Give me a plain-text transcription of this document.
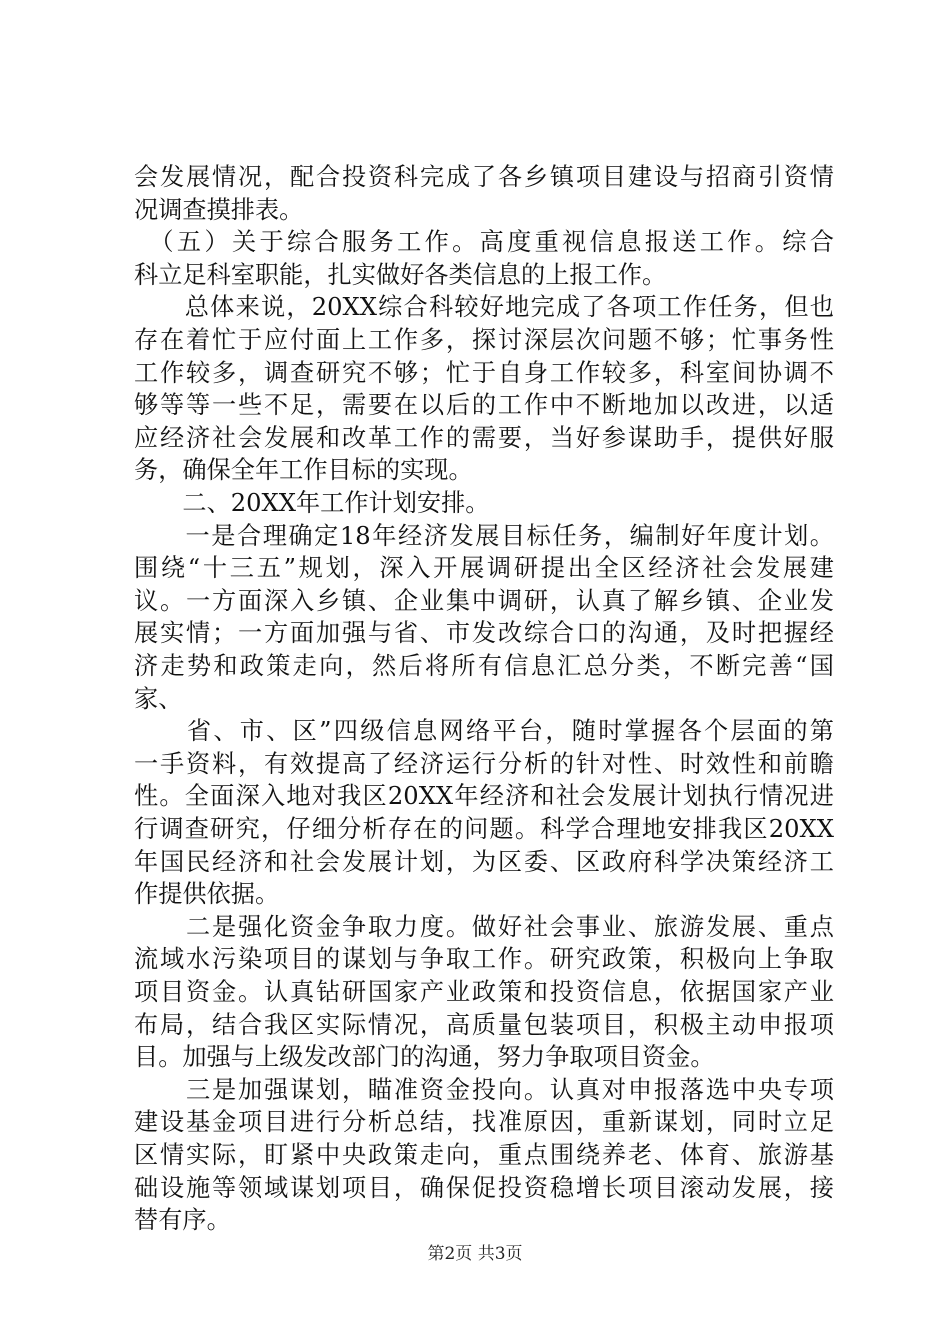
会发展情况，配合投资科完成了各乡镇项目建设与招商引资情
况调查摸排表。
　（五）关于综合服务工作。高度重视信息报送工作。综合
科立足科室职能，扎实做好各类信息的上报工作。
　　总体来说，20XX综合科较好地完成了各项工作任务，但也
存在着忙于应付面上工作多，探讨深层次问题不够；忙事务性
工作较多，调查研究不够；忙于自身工作较多，科室间协调不
够等等一些不足，需要在以后的工作中不断地加以改进，以适
应经济社会发展和改革工作的需要，当好参谋助手，提供好服
务，确保全年工作目标的实现。
　　二、20XX年工作计划安排。
　　一是合理确定18年经济发展目标任务，编制好年度计划。
围绕“十三五”规划，深入开展调研提出全区经济社会发展建
议。一方面深入乡镇、企业集中调研，认真了解乡镇、企业发
展实情；一方面加强与省、市发改综合口的沟通，及时把握经
济走势和政策走向，然后将所有信息汇总分类，不断完善“国
家、
　　省、市、区”四级信息网络平台，随时掌握各个层面的第
一手资料，有效提高了经济运行分析的针对性、时效性和前瞻
性。全面深入地对我区20XX年经济和社会发展计划执行情况进
行调查研究，仔细分析存在的问题。科学合理地安排我区20XX
年国民经济和社会发展计划，为区委、区政府科学决策经济工
作提供依据。
　　二是强化资金争取力度。做好社会事业、旅游发展、重点
流域水污染项目的谋划与争取工作。研究政策，积极向上争取
项目资金。认真钻研国家产业政策和投资信息，依据国家产业
布局，结合我区实际情况，高质量包装项目，积极主动申报项
目。加强与上级发改部门的沟通，努力争取项目资金。
　　三是加强谋划，瞄准资金投向。认真对申报落选中央专项
建设基金项目进行分析总结，找准原因，重新谋划，同时立足
区情实际，盯紧中央政策走向，重点围绕养老、体育、旅游基
础设施等领域谋划项目，确保促投资稳增长项目滚动发展，接
替有序。
第2页 共3页
